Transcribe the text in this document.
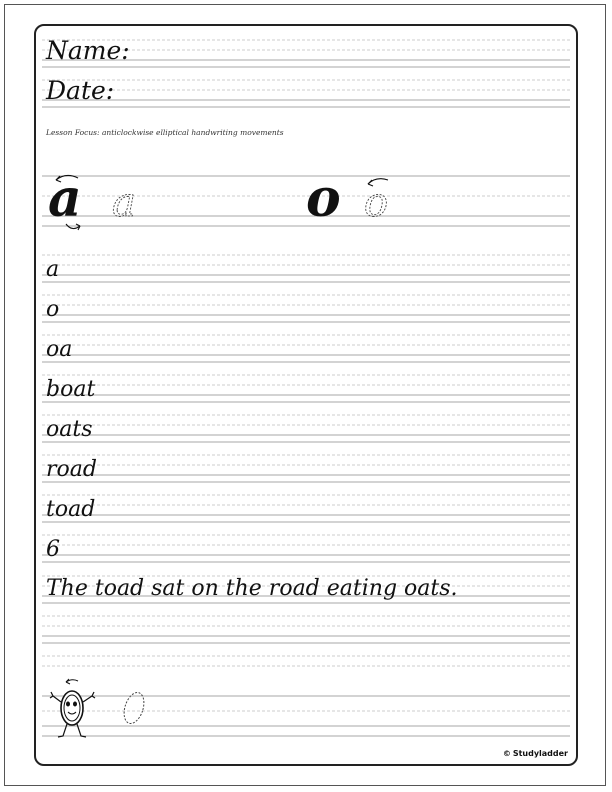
Name:
Date:
Lesson Focus: anticlockwise elliptical handwriting movements
a a	o o
a
o
oa
boat
oats
road
toad
6
The toad sat on the road eating oats.
© Studyladder
